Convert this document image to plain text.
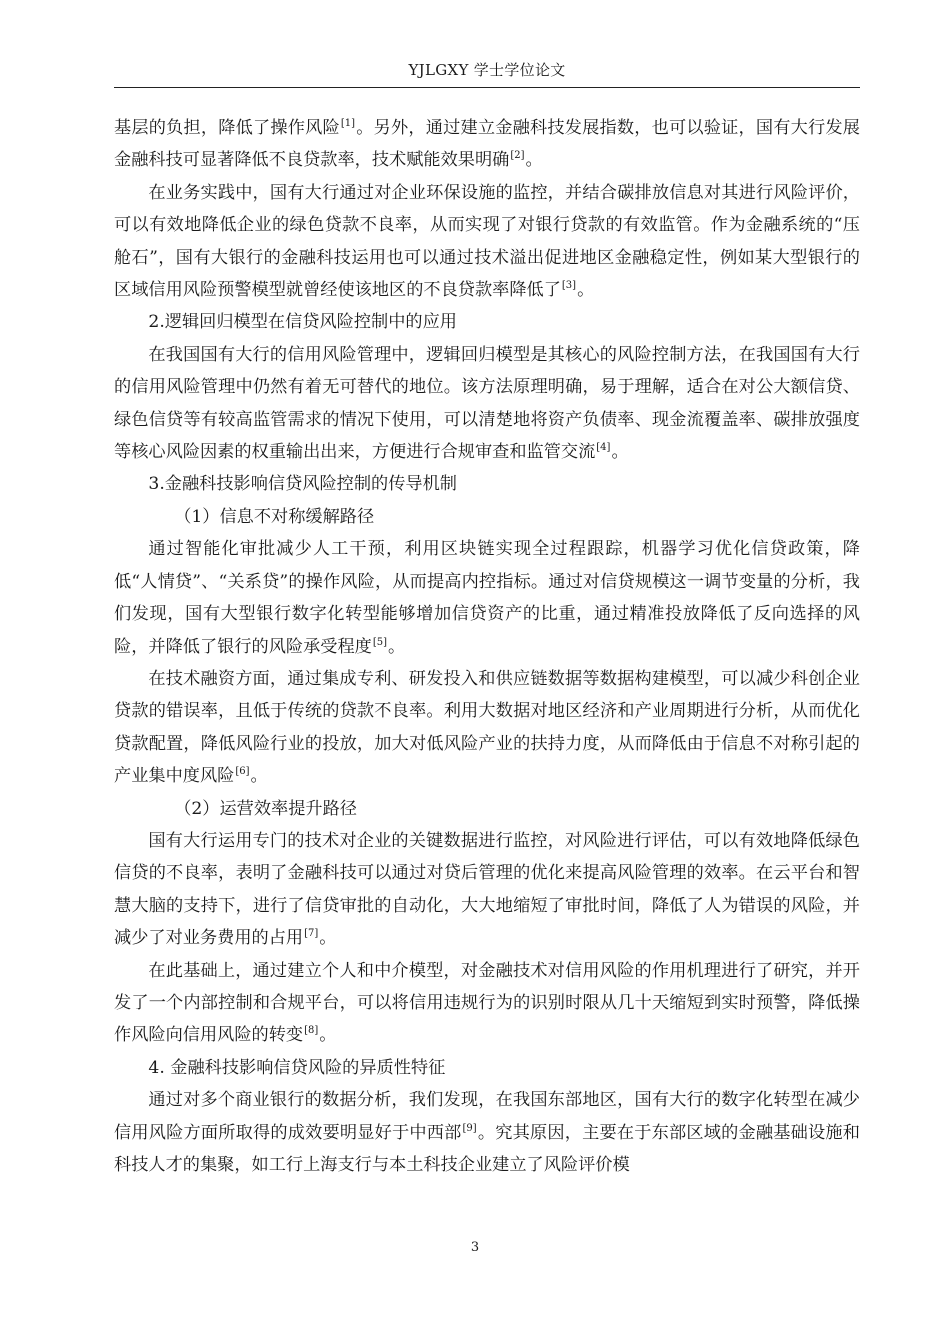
YJLGXY 学士学位论文

基层的负担，降低了操作风险[1]。另外，通过建立金融科技发展指数，也可以验证，国有大行发展金融科技可显著降低不良贷款率，技术赋能效果明确[2]。

在业务实践中，国有大行通过对企业环保设施的监控，并结合碳排放信息对其进行风险评价，可以有效地降低企业的绿色贷款不良率，从而实现了对银行贷款的有效监管。作为金融系统的“压舱石”，国有大银行的金融科技运用也可以通过技术溢出促进地区金融稳定性，例如某大型银行的区域信用风险预警模型就曾经使该地区的不良贷款率降低了[3]。

2.逻辑回归模型在信贷风险控制中的应用

在我国国有大行的信用风险管理中，逻辑回归模型是其核心的风险控制方法，在我国国有大行的信用风险管理中仍然有着无可替代的地位。该方法原理明确，易于理解，适合在对公大额信贷、绿色信贷等有较高监管需求的情况下使用，可以清楚地将资产负债率、现金流覆盖率、碳排放强度等核心风险因素的权重输出出来，方便进行合规审查和监管交流[4]。

3.金融科技影响信贷风险控制的传导机制

（1）信息不对称缓解路径

通过智能化审批减少人工干预，利用区块链实现全过程跟踪，机器学习优化信贷政策，降低“人情贷”、“关系贷”的操作风险，从而提高内控指标。通过对信贷规模这一调节变量的分析，我们发现，国有大型银行数字化转型能够增加信贷资产的比重，通过精准投放降低了反向选择的风险，并降低了银行的风险承受程度[5]。

在技术融资方面，通过集成专利、研发投入和供应链数据等数据构建模型，可以减少科创企业贷款的错误率，且低于传统的贷款不良率。利用大数据对地区经济和产业周期进行分析，从而优化贷款配置，降低风险行业的投放，加大对低风险产业的扶持力度，从而降低由于信息不对称引起的产业集中度风险[6]。

（2）运营效率提升路径

国有大行运用专门的技术对企业的关键数据进行监控，对风险进行评估，可以有效地降低绿色信贷的不良率，表明了金融科技可以通过对贷后管理的优化来提高风险管理的效率。在云平台和智慧大脑的支持下，进行了信贷审批的自动化，大大地缩短了审批时间，降低了人为错误的风险，并减少了对业务费用的占用[7]。

在此基础上，通过建立个人和中介模型，对金融技术对信用风险的作用机理进行了研究，并开发了一个内部控制和合规平台，可以将信用违规行为的识别时限从几十天缩短到实时预警，降低操作风险向信用风险的转变[8]。

4. 金融科技影响信贷风险的异质性特征

通过对多个商业银行的数据分析，我们发现，在我国东部地区，国有大行的数字化转型在减少信用风险方面所取得的成效要明显好于中西部[9]。究其原因，主要在于东部区域的金融基础设施和科技人才的集聚，如工行上海支行与本土科技企业建立了风险评价模

3
